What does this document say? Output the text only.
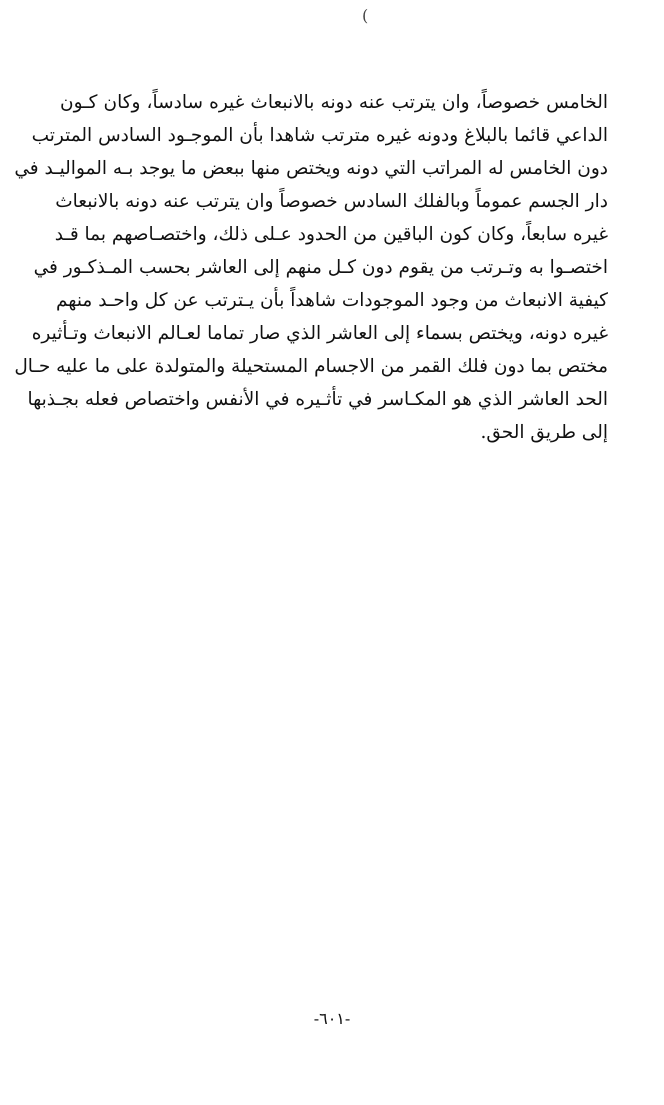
(
الخامس خصوصاً، وان يترتب عنه دونه بالانبعاث غيره سادساً، وكان كـون
الداعي قائما بالبلاغ ودونه غيره مترتب شاهدا بأن الموجـود السادس المترتب
دون الخامس له المراتب التي دونه ويختص منها ببعض ما يوجد بـه المواليـد في
دار الجسم عموماً وبالفلك السادس خصوصاً وان يترتب عنه دونه بالانبعاث
غيره سابعاً، وكان كون الباقين من الحدود عـلى ذلك، واختصـاصهم بما قـد
اختصـوا به وتـرتب من يقوم دون كـل منهم إلى العاشر بحسب المـذكـور في
كيفية الانبعاث من وجود الموجودات شاهداً بأن يـترتب عن كل واحـد منهم
غيره دونه، ويختص بسماء إلى العاشر الذي صار تماما لعـالم الانبعاث وتـأثيره
مختص بما دون فلك القمر من الاجسام المستحيلة والمتولدة على ما عليه حـال
الحد العاشر الذي هو المكـاسر في تأثـيره في الأنفس واختصاص فعله بجـذبها
إلى طريق الحق.
-٦٠١-
